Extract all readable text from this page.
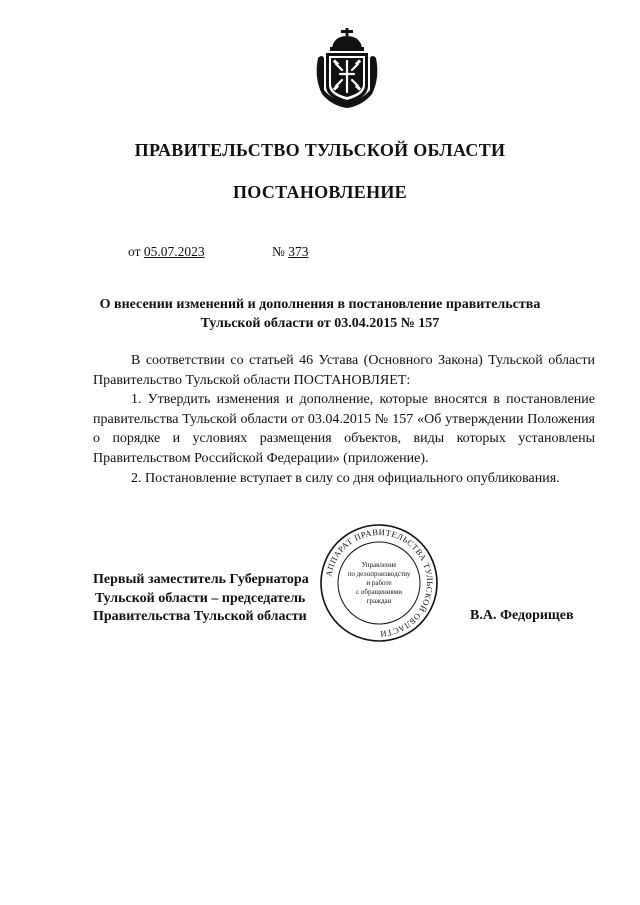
ПРАВИТЕЛЬСТВО ТУЛЬСКОЙ ОБЛАСТИ
ПОСТАНОВЛЕНИЕ
от 05.07.2023	№ 373
О внесении изменений и дополнения в постановление правительства
Тульской области от 03.04.2015 № 157

В соответствии со статьей 46 Устава (Основного Закона) Тульской области Правительство Тульской области ПОСТАНОВЛЯЕТ:

1. Утвердить изменения и дополнение, которые вносятся в постановление правительства Тульской области от 03.04.2015 № 157 «Об утверждении Положения о порядке и условиях размещения объектов, виды которых установлены Правительством Российской Федерации» (приложение).

2. Постановление вступает в силу со дня официального опубликования.

Первый заместитель Губернатора
Тульской области – председатель
Правительства Тульской области	В.А. Федорищев
АППАРАТ ПРАВИТЕЛЬСТВА ТУЛЬСКОЙ ОБЛАСТИ
Управление
по делопроизводству
и работе
с обращениями
граждан
